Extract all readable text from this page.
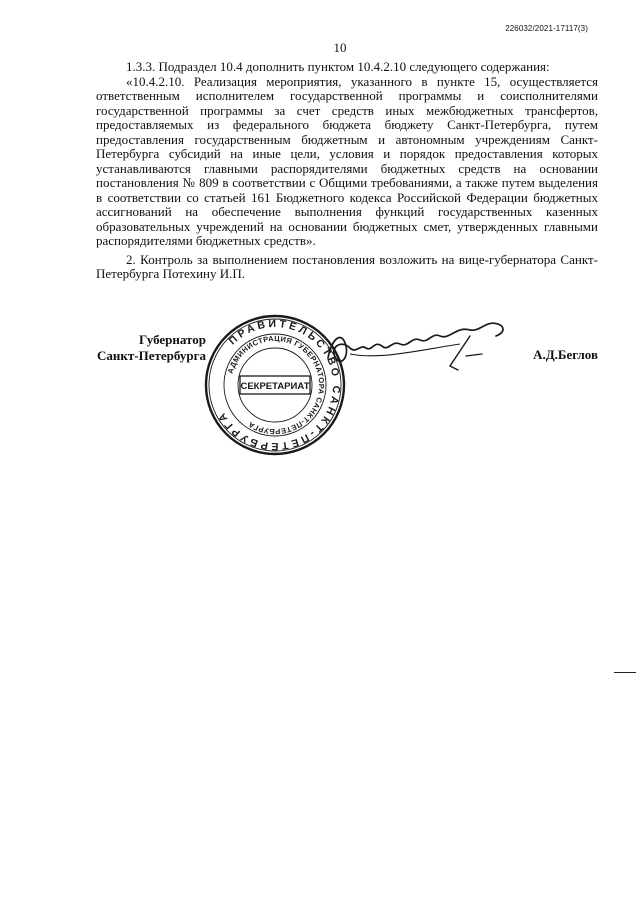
226032/2021-17117(3)
10

1.3.3. Подраздел 10.4 дополнить пунктом 10.4.2.10 следующего содержания:

«10.4.2.10. Реализация мероприятия, указанного в пункте 15, осуществляется ответственным исполнителем государственной программы и соисполнителями государственной программы за счет средств иных межбюджетных трансфертов, предоставляемых из федерального бюджета бюджету Санкт-Петербурга, путем предоставления государственным бюджетным и автономным учреждениям Санкт-Петербурга субсидий на иные цели, условия и порядок предоставления которых устанавливаются главными распорядителями бюджетных средств на основании постановления № 809 в соответствии с Общими требованиями, а также путем выделения в соответствии со статьей 161 Бюджетного кодекса Российской Федерации бюджетных ассигнований на обеспечение выполнения функций государственных казенных образовательных учреждений на основании бюджетных смет, утвержденных главными распорядителями бюджетных средств».

2. Контроль за выполнением постановления возложить на вице-губернатора Санкт-Петербурга Потехину И.П.

Губернатор
Санкт-Петербурга
ПРАВИТЕЛЬСТВО САНКТ-ПЕТЕРБУРГА
АДМИНИСТРАЦИЯ ГУБЕРНАТОРА САНКТ-ПЕТЕРБУРГА
СЕКРЕТАРИАТ
А.Д.Беглов
